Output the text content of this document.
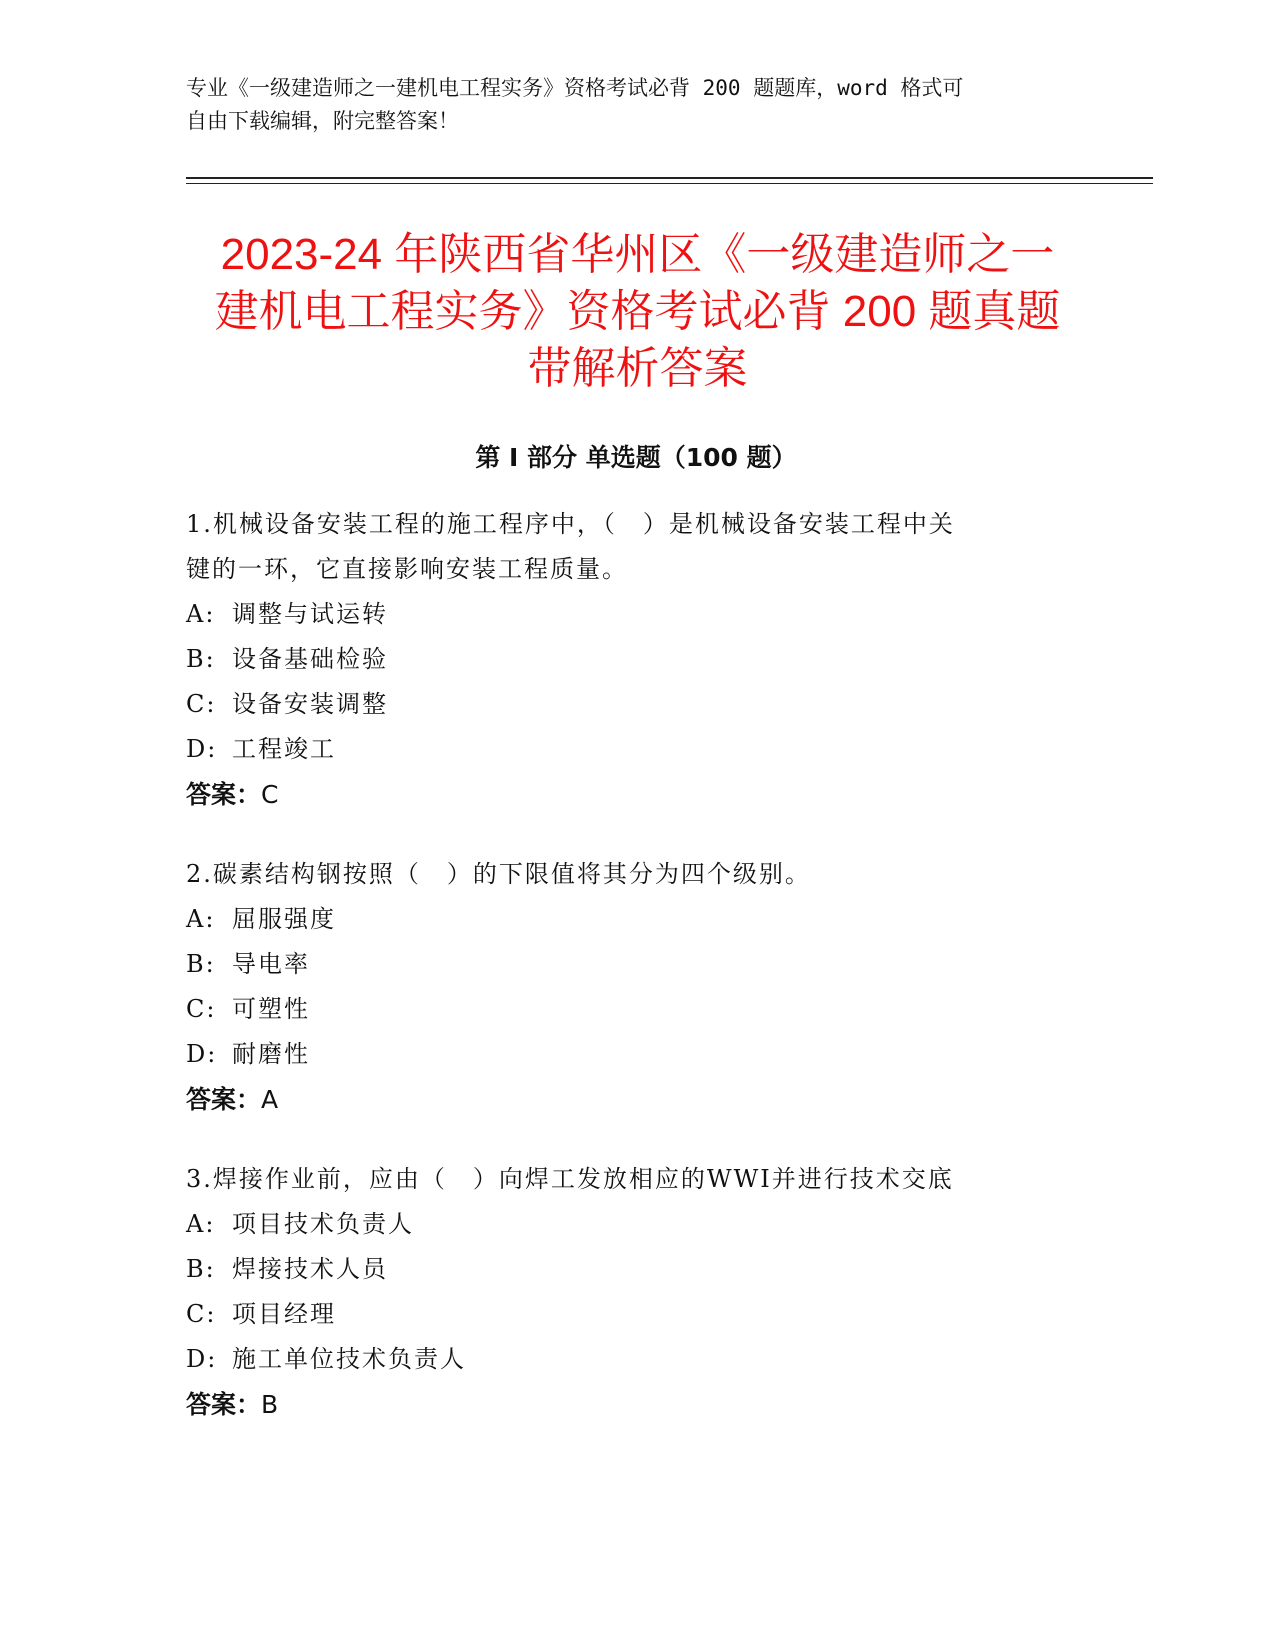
专业《一级建造师之一建机电工程实务》资格考试必背 200 题题库，word 格式可
自由下载编辑，附完整答案！
2023-24 年陕西省华州区《一级建造师之一
建机电工程实务》资格考试必背 200 题真题
带解析答案
第 I 部分 单选题（100 题）
1.机械设备安装工程的施工程序中，（　）是机械设备安装工程中关
键的一环，它直接影响安装工程质量。
A: 调整与试运转
B: 设备基础检验
C: 设备安装调整
D: 工程竣工
答案：C
2.碳素结构钢按照（　）的下限值将其分为四个级别。
A: 屈服强度
B: 导电率
C: 可塑性
D: 耐磨性
答案：A
3.焊接作业前，应由（　）向焊工发放相应的WWI并进行技术交底
A: 项目技术负责人
B: 焊接技术人员
C: 项目经理
D: 施工单位技术负责人
答案：B
